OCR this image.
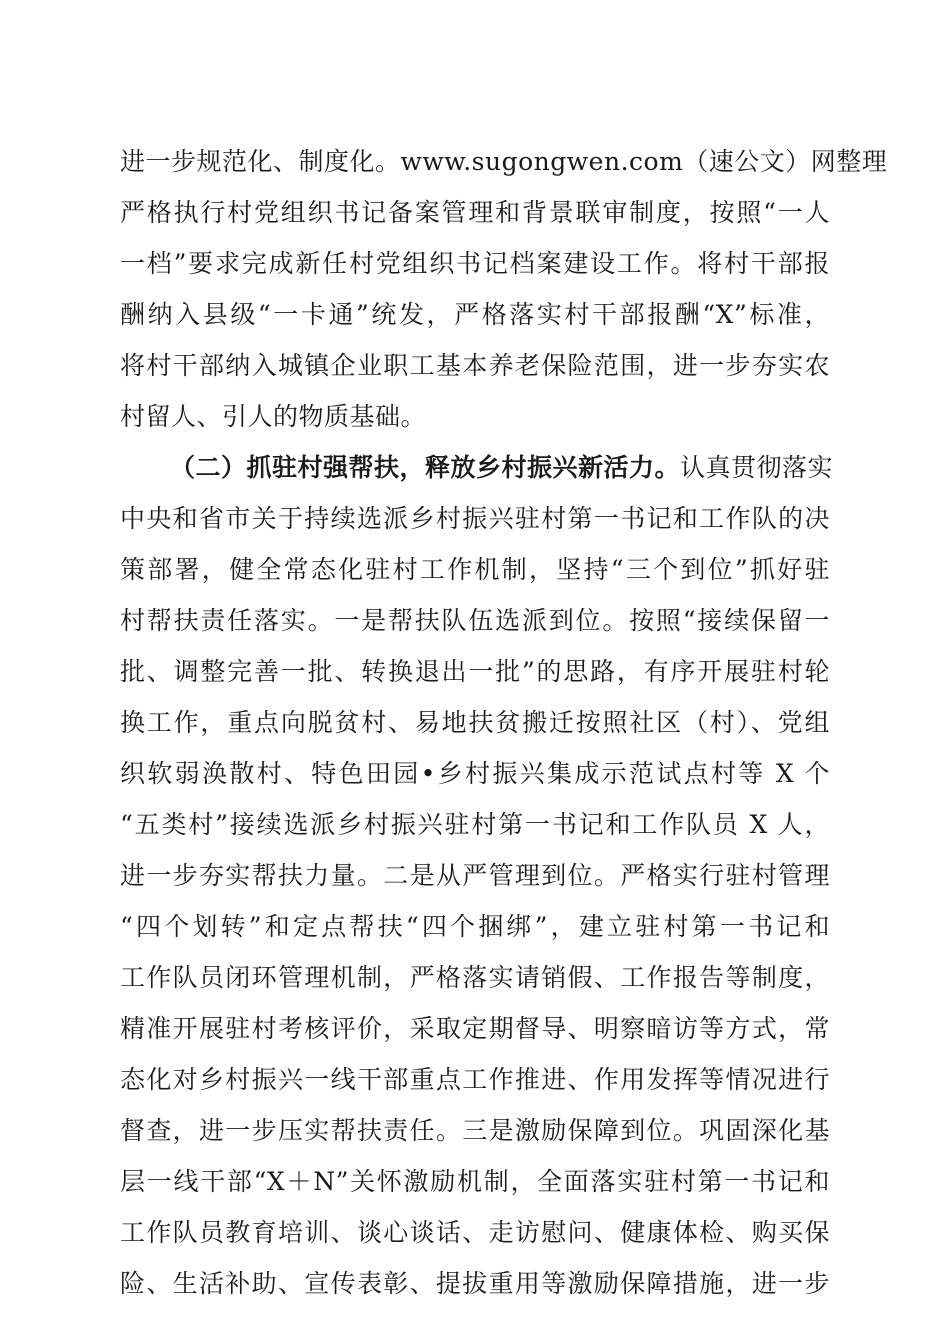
进一步规范化、制度化。www.sugongwen.com（速公文）网整理
严格执行村党组织书记备案管理和背景联审制度，按照“一人
一档”要求完成新任村党组织书记档案建设工作。将村干部报
酬纳入县级“一卡通”统发，严格落实村干部报酬“X”标准，
将村干部纳入城镇企业职工基本养老保险范围，进一步夯实农
村留人、引人的物质基础。
（二）抓驻村强帮扶，释放乡村振兴新活力。认真贯彻落实
中央和省市关于持续选派乡村振兴驻村第一书记和工作队的决
策部署，健全常态化驻村工作机制，坚持“三个到位”抓好驻
村帮扶责任落实。一是帮扶队伍选派到位。按照“接续保留一
批、调整完善一批、转换退出一批”的思路，有序开展驻村轮
换工作，重点向脱贫村、易地扶贫搬迁按照社区（村）、党组
织软弱涣散村、特色田园•乡村振兴集成示范试点村等 X 个
“五类村”接续选派乡村振兴驻村第一书记和工作队员 X 人，
进一步夯实帮扶力量。二是从严管理到位。严格实行驻村管理
“四个划转”和定点帮扶“四个捆绑”，建立驻村第一书记和
工作队员闭环管理机制，严格落实请销假、工作报告等制度，
精准开展驻村考核评价，采取定期督导、明察暗访等方式，常
态化对乡村振兴一线干部重点工作推进、作用发挥等情况进行
督查，进一步压实帮扶责任。三是激励保障到位。巩固深化基
层一线干部“X＋N”关怀激励机制，全面落实驻村第一书记和
工作队员教育培训、谈心谈话、走访慰问、健康体检、购买保
险、生活补助、宣传表彰、提拔重用等激励保障措施，进一步
